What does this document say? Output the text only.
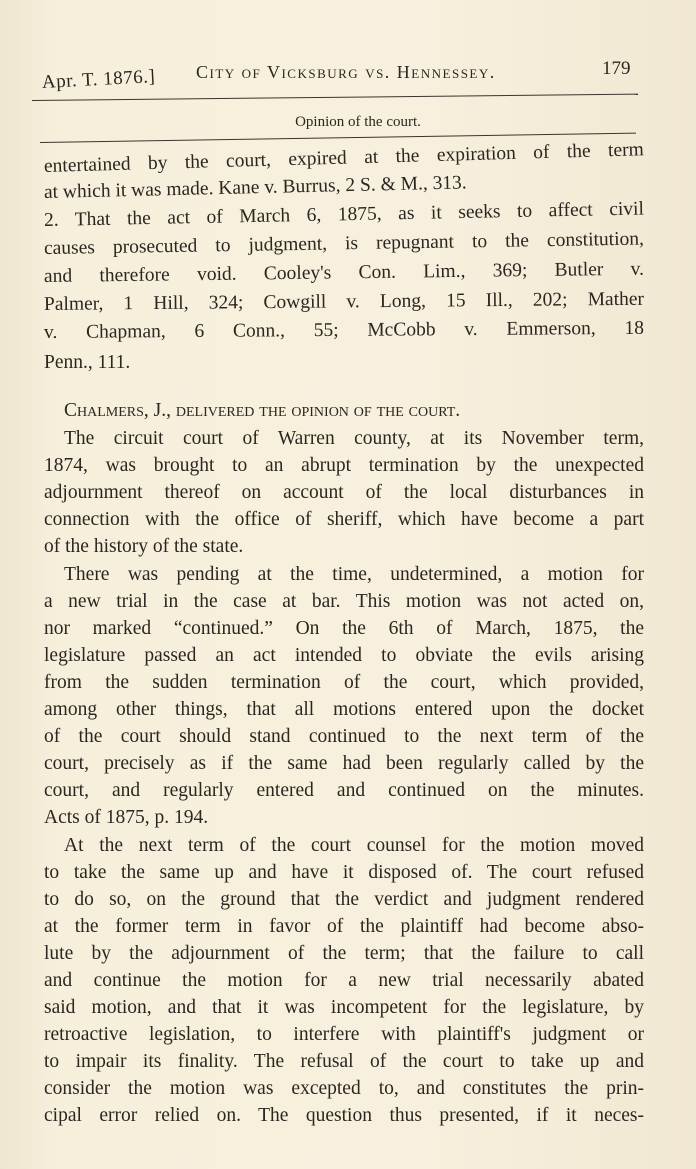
Apr. T. 1876.] City of Vicksburg vs. Hennessey.	179
Opinion of the court.
entertained by the court, expired at the expiration of the term
at which it was made. Kane v. Burrus, 2 S. & M., 313.
2. That the act of March 6, 1875, as it seeks to affect civil
causes prosecuted to judgment, is repugnant to the constitution,
and therefore void. Cooley's Con. Lim., 369; Butler v.
Palmer, 1 Hill, 324; Cowgill v. Long, 15 Ill., 202; Mather
v. Chapman, 6 Conn., 55; McCobb v. Emmerson, 18
Penn., 111.
Chalmers, J., delivered the opinion of the court.
The circuit court of Warren county, at its November term,
1874, was brought to an abrupt termination by the unexpected
adjournment thereof on account of the local disturbances in
connection with the office of sheriff, which have become a part
of the history of the state.
There was pending at the time, undetermined, a motion for
a new trial in the case at bar. This motion was not acted on,
nor marked “continued.” On the 6th of March, 1875, the
legislature passed an act intended to obviate the evils arising
from the sudden termination of the court, which provided,
among other things, that all motions entered upon the docket
of the court should stand continued to the next term of the
court, precisely as if the same had been regularly called by the
court, and regularly entered and continued on the minutes.
Acts of 1875, p. 194.
At the next term of the court counsel for the motion moved
to take the same up and have it disposed of. The court refused
to do so, on the ground that the verdict and judgment rendered
at the former term in favor of the plaintiff had become abso-
lute by the adjournment of the term; that the failure to call
and continue the motion for a new trial necessarily abated
said motion, and that it was incompetent for the legislature, by
retroactive legislation, to interfere with plaintiff's judgment or
to impair its finality. The refusal of the court to take up and
consider the motion was excepted to, and constitutes the prin-
cipal error relied on. The question thus presented, if it neces-
